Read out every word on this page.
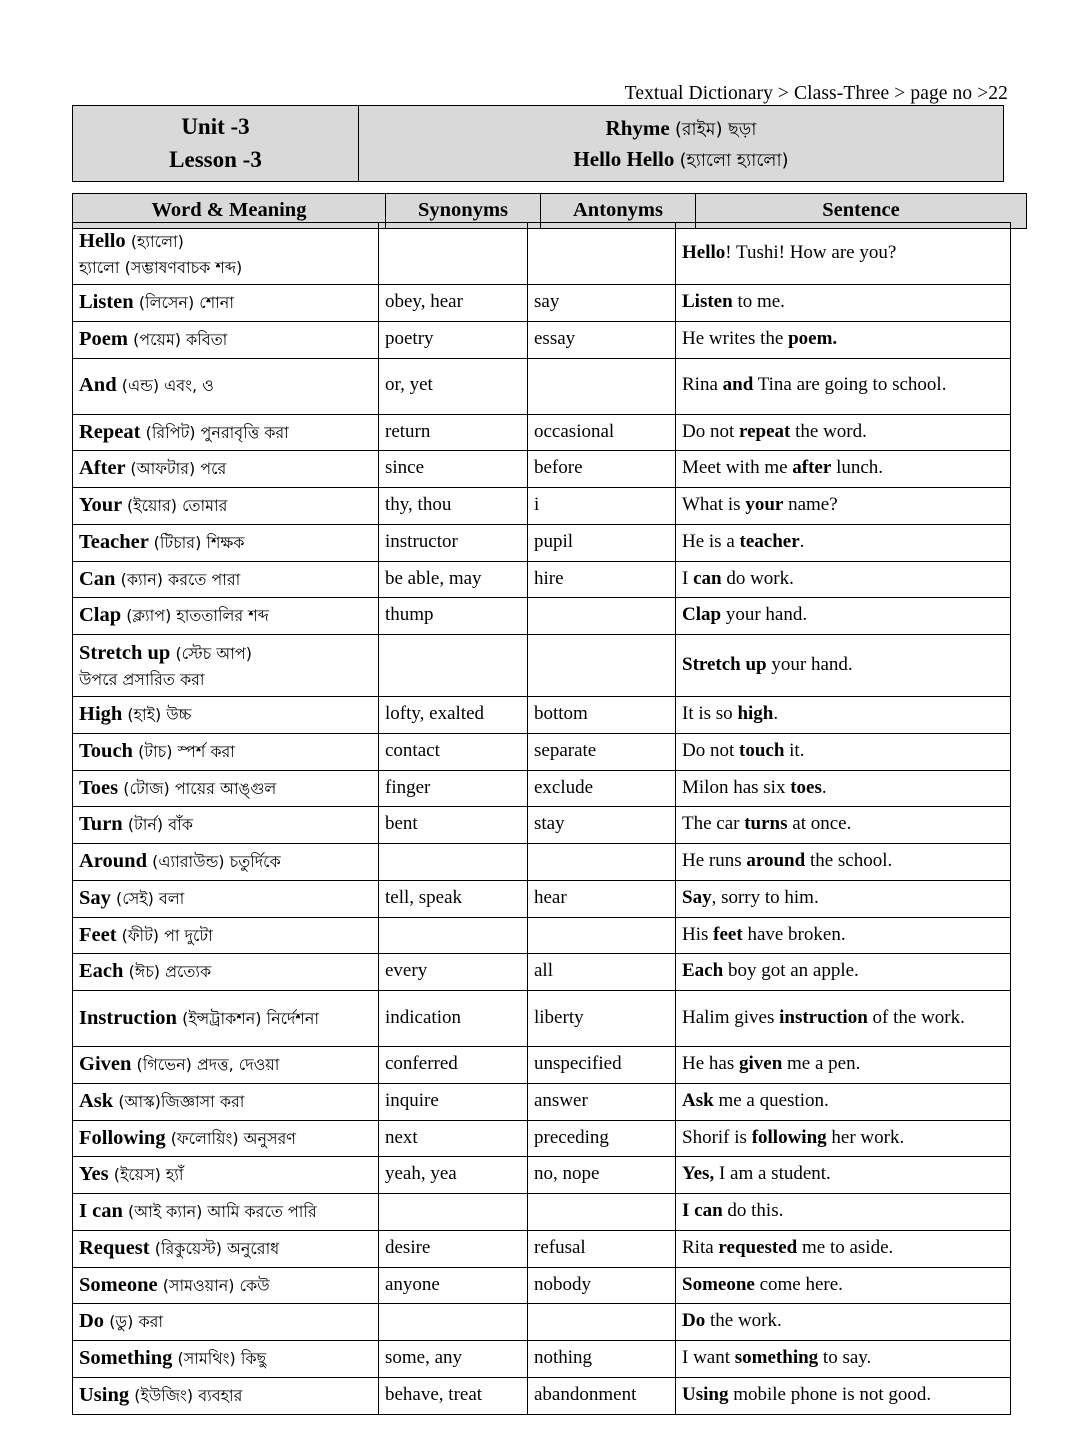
Textual Dictionary > Class-Three > page no >22
Unit -3
Lesson -3

Rhyme (রাইম) ছড়া
Hello Hello (হ্যালো হ্যালো)
Word & Meaning	Synonyms	Antonyms	Sentence
Hello (হ্যালো)
হ্যালো (সম্ভাষণবাচক শব্দ)			Hello! Tushi! How are you?
Listen (লিসেন) শোনা	obey, hear	say	Listen to me.
Poem (পয়েম) কবিতা	poetry	essay	He writes the poem.
And (এন্ড) এবং, ও	or, yet		Rina and Tina are going to school.
Repeat (রিপিট) পুনরাবৃত্তি করা	return	occasional	Do not repeat the word.
After (আফটার) পরে	since	before	Meet with me after lunch.
Your (ইয়োর) তোমার	thy, thou	i	What is your name?
Teacher (টিচার) শিক্ষক	instructor	pupil	He is a teacher.
Can (ক্যান) করতে পারা	be able, may	hire	I can do work.
Clap (ক্ল্যাপ) হাততালির শব্দ	thump		Clap your hand.
Stretch up (স্টেচ আপ)
উপরে প্রসারিত করা			Stretch up your hand.
High (হাই) উচ্চ	lofty, exalted	bottom	It is so high.
Touch (টাচ) স্পর্শ করা	contact	separate	Do not touch it.
Toes (টোজ) পায়ের আঙ্গুল	finger	exclude	Milon has six toes.
Turn (টার্ন) বাঁক	bent	stay	The car turns at once.
Around (এ্যারাউন্ড) চতুর্দিকে			He runs around the school.
Say (সেই) বলা	tell, speak	hear	Say, sorry to him.
Feet (ফীট) পা দুটো			His feet have broken.
Each (ঈচ) প্রত্যেক	every	all	Each boy got an apple.
Instruction (ইন্সট্রাকশন) নির্দেশনা	indication	liberty	Halim gives instruction of the work.
Given (গিভেন) প্রদত্ত, দেওয়া	conferred	unspecified	He has given me a pen.
Ask (আস্ক)জিজ্ঞাসা করা	inquire	answer	Ask me a question.
Following (ফলোয়িং) অনুসরণ	next	preceding	Shorif is following her work.
Yes (ইয়েস) হ্যাঁ	yeah, yea	no, nope	Yes, I am a student.
I can (আই ক্যান) আমি করতে পারি			I can do this.
Request (রিকুয়েস্ট) অনুরোধ	desire	refusal	Rita requested me to aside.
Someone (সামওয়ান) কেউ	anyone	nobody	Someone come here.
Do (ডু) করা			Do the work.
Something (সামথিং) কিছু	some, any	nothing	I want something to say.
Using (ইউজিং) ব্যবহার	behave, treat	abandonment	Using mobile phone is not good.
